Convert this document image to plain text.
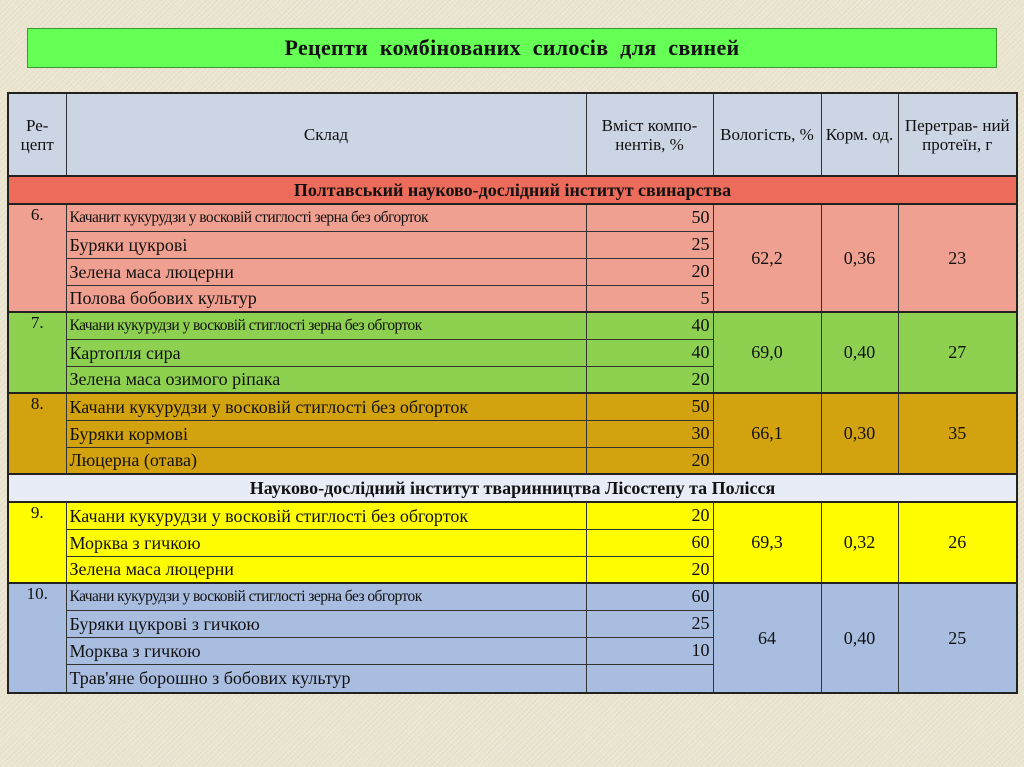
Рецепти комбінованих силосів для свиней
Ре- цепт	Склад	Вміст компо- нентів, %	Вологість, %	Корм. од.	Перетрав- ний протеїн, г
Полтавський науково-дослідний інститут свинарства					
6.	Качанит кукурудзи у восковій стиглості зерна без обгорток	50	62,2	0,36	23
	Буряки цукрові	25			
	Зелена маса люцерни	20			
	Полова бобових культур	5			
7.	Качани кукурудзи у восковій стиглості зерна без обгорток	40	69,0	0,40	27
	Картопля сира	40			
	Зелена маса озимого ріпака	20			
8.	Качани кукурудзи у восковій стиглості без обгорток	50	66,1	0,30	35
	Буряки кормові	30			
	Люцерна (отава)	20			
Науково-дослідний інститут тваринництва Лісостепу та Полісся					
9.	Качани кукурудзи у восковій стиглості без обгорток	20	69,3	0,32	26
	Морква з гичкою	60			
	Зелена маса люцерни	20			
10.	Качани кукурудзи у восковій стиглості зерна без обгорток	60	64	0,40	25
	Буряки цукрові з гичкою	25			
	Морква з гичкою	10			
	Трав'яне борошно з бобових культур				
